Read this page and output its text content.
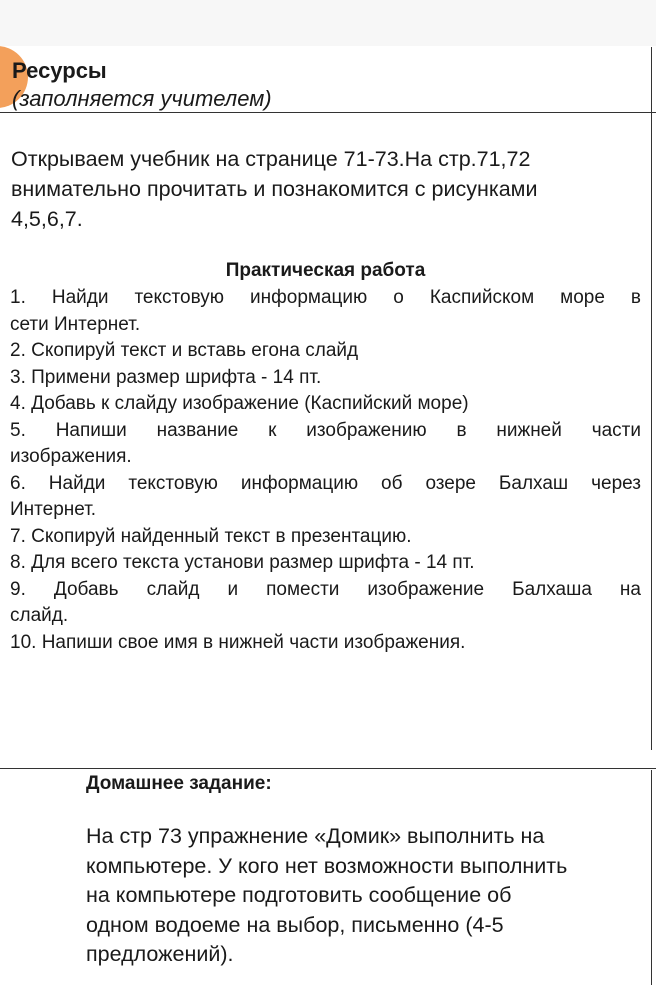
Ресурсы
(заполняется учителем)
Открываем учебник на странице 71-73.На стр.71,72
внимательно прочитать и познакомится с рисунками
4,5,6,7.
Практическая работа
1. Найди текстовую информацию о Каспийском море в
сети Интернет.
2. Скопируй текст и вставь егона слайд
3. Примени размер шрифта - 14 пт.
4. Добавь к слайду изображение (Каспийский море)
5. Напиши название к изображению в нижней части
изображения.
6. Найди текстовую информацию об озере Балхаш через
Интернет.
7. Скопируй найденный текст в презентацию.
8. Для всего текста установи размер шрифта - 14 пт.
9. Добавь слайд и помести изображение Балхаша на
слайд.
10. Напиши свое имя в нижней части изображения.
Домашнее задание:
На стр 73 упражнение «Домик» выполнить на
компьютере. У кого нет возможности выполнить
на компьютере подготовить сообщение об
одном водоеме на выбор, письменно (4-5
предложений).
